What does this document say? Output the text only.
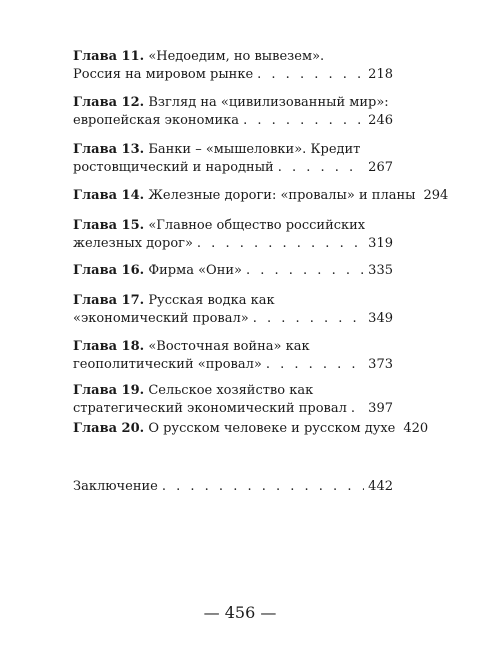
Глава 11.
«Недоедим, но вывезем».
Россия на мировом рынке . . .	218
Глава 12.
Взгляд на «цивилизованный мир»:
европейская экономика . . .	246
Глава 13.
Банки – «мышеловки». Кредит
ростовщический и народный . . .	267
Глава 14.
Железные дороги: «провалы» и планы 294
Глава 15.
«Главное общество российских
железных дорог» . . .	319
Глава 16.
Фирма «Они» . . .	335
Глава 17.
Русская водка как
«экономический провал» . . .	349
Глава 18.
«Восточная война» как
геополитический «провал» . . .	373
Глава 19.
Сельское хозяйство как
стратегический экономический провал . . . 397
Глава 20.
О русском человеке и русском духе 420
Заключение . . .	442
— 456 —
